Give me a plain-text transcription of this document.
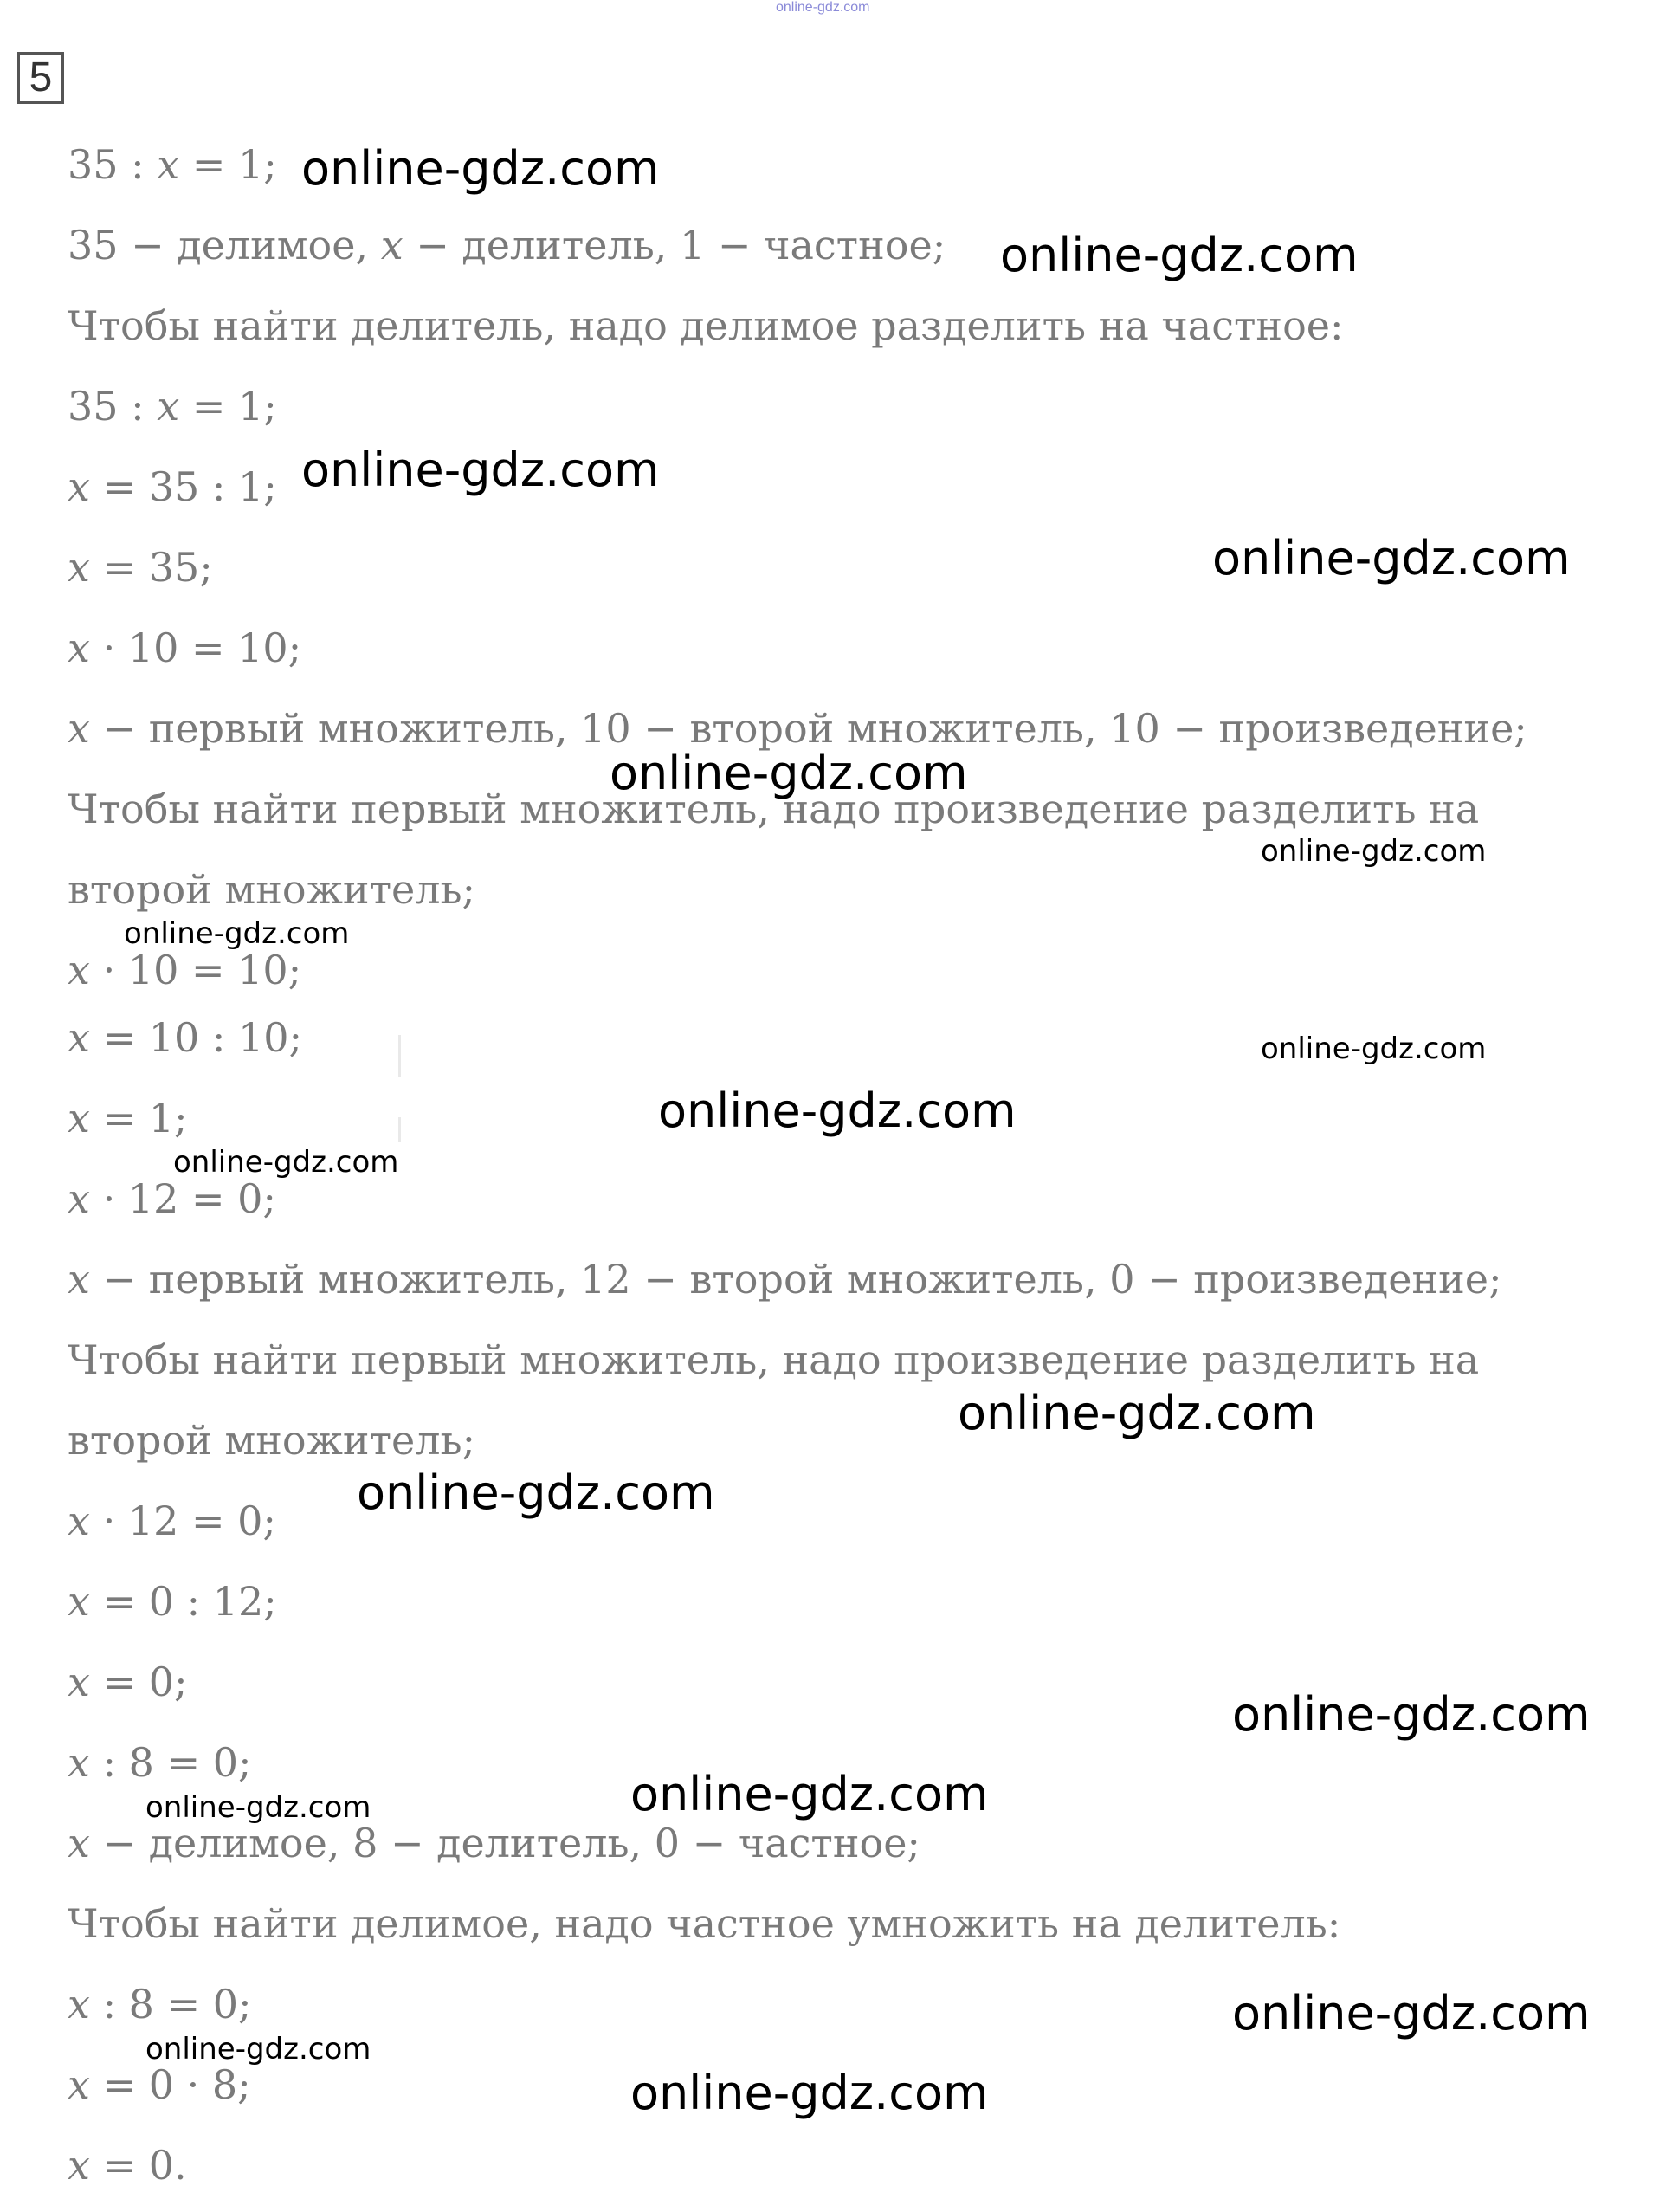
online-gdz.com
5
35 : 𝑥 = 1;
35 − делимое, 𝑥 − делитель, 1 − частное;
Чтобы найти делитель, надо делимое разделить на частное:
35 : 𝑥 = 1;
𝑥 = 35 : 1;
𝑥 = 35;
𝑥 · 10 = 10;
𝑥 − первый множитель, 10 − второй множитель, 10 − произведение;
Чтобы найти первый множитель, надо произведение разделить на
второй множитель;
𝑥 · 10 = 10;
𝑥 = 10 : 10;
𝑥 = 1;
𝑥 · 12 = 0;
𝑥 − первый множитель, 12 − второй множитель, 0 − произведение;
Чтобы найти первый множитель, надо произведение разделить на
второй множитель;
𝑥 · 12 = 0;
𝑥 = 0 : 12;
𝑥 = 0;
𝑥 : 8 = 0;
𝑥 − делимое, 8 − делитель, 0 − частное;
Чтобы найти делимое, надо частное умножить на делитель:
𝑥 : 8 = 0;
𝑥 = 0 · 8;
𝑥 = 0.
online-gdz.com
online-gdz.com
online-gdz.com
online-gdz.com
online-gdz.com
online-gdz.com
online-gdz.com
online-gdz.com
online-gdz.com
online-gdz.com
online-gdz.com
online-gdz.com
online-gdz.com
online-gdz.com
online-gdz.com
online-gdz.com
online-gdz.com
online-gdz.com
